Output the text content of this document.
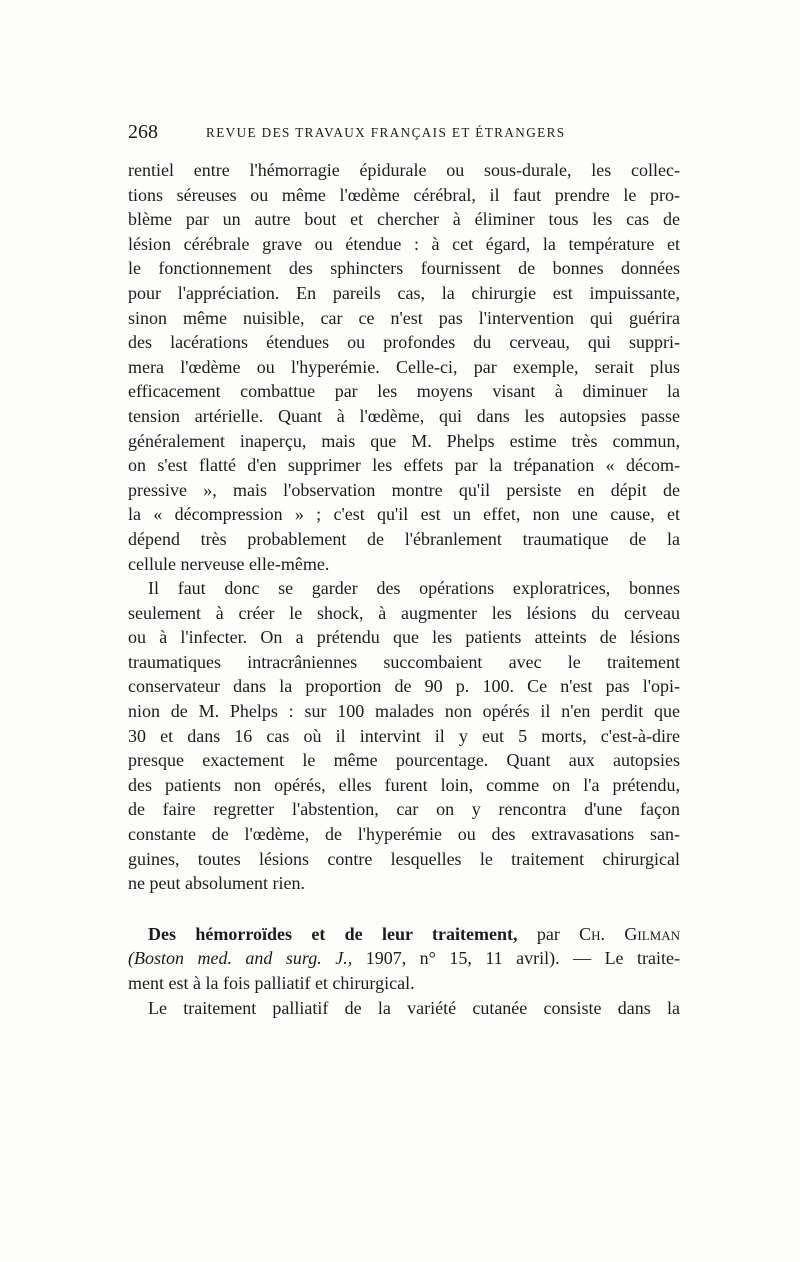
268	REVUE DES TRAVAUX FRANÇAIS ET ÉTRANGERS
rentiel entre l'hémorragie épidurale ou sous-durale, les collec-
tions séreuses ou même l'œdème cérébral, il faut prendre le pro-
blème par un autre bout et chercher à éliminer tous les cas de
lésion cérébrale grave ou étendue : à cet égard, la température et
le fonctionnement des sphincters fournissent de bonnes données
pour l'appréciation. En pareils cas, la chirurgie est impuissante,
sinon même nuisible, car ce n'est pas l'intervention qui guérira
des lacérations étendues ou profondes du cerveau, qui suppri-
mera l'œdème ou l'hyperémie. Celle-ci, par exemple, serait plus
efficacement combattue par les moyens visant à diminuer la
tension artérielle. Quant à l'œdème, qui dans les autopsies passe
généralement inaperçu, mais que M. Phelps estime très commun,
on s'est flatté d'en supprimer les effets par la trépanation « décom-
pressive », mais l'observation montre qu'il persiste en dépit de
la « décompression » ; c'est qu'il est un effet, non une cause, et
dépend très probablement de l'ébranlement traumatique de la
cellule nerveuse elle-même.
Il faut donc se garder des opérations exploratrices, bonnes
seulement à créer le shock, à augmenter les lésions du cerveau
ou à l'infecter. On a prétendu que les patients atteints de lésions
traumatiques intracrâniennes succombaient avec le traitement
conservateur dans la proportion de 90 p. 100. Ce n'est pas l'opi-
nion de M. Phelps : sur 100 malades non opérés il n'en perdit que
30 et dans 16 cas où il intervint il y eut 5 morts, c'est-à-dire
presque exactement le même pourcentage. Quant aux autopsies
des patients non opérés, elles furent loin, comme on l'a prétendu,
de faire regretter l'abstention, car on y rencontra d'une façon
constante de l'œdème, de l'hyperémie ou des extravasations san-
guines, toutes lésions contre lesquelles le traitement chirurgical
ne peut absolument rien.
Des hémorroïdes et de leur traitement, par Ch. Gilman
(Boston med. and surg. J., 1907, n° 15, 11 avril). — Le traite-
ment est à la fois palliatif et chirurgical.
Le traitement palliatif de la variété cutanée consiste dans la
